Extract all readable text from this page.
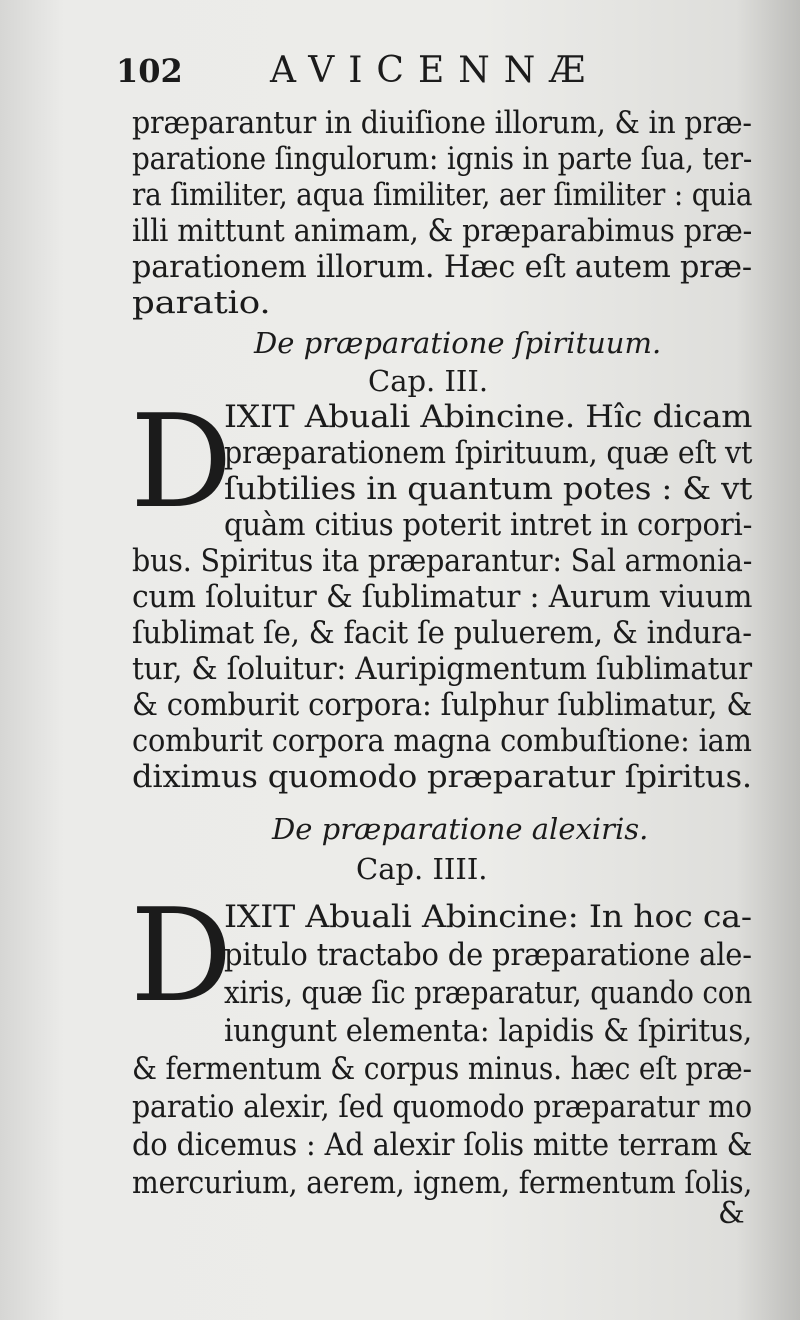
102 AVICENNÆ
præparantur in diuiſione illorum, & in præ-
paratione ſingulorum: ignis in parte ſua, ter-
ra ſimiliter, aqua ſimiliter, aer ſimiliter : quia
illi mittunt animam, & præparabimus præ-
parationem illorum. Hæc eſt autem præ-
paratio.
De præparatione ſpirituum.
Cap. III.
D
IXIT Abuali Abincine. Hîc dicam
præparationem ſpirituum, quæ eſt vt
ſubtilies in quantum potes : & vt
quàm citius poterit intret in corpori-
bus. Spiritus ita præparantur: Sal armonia-
cum ſoluitur & ſublimatur : Aurum viuum
ſublimat ſe, & facit ſe puluerem, & indura-
tur, & ſoluitur: Auripigmentum ſublimatur
& comburit corpora: ſulphur ſublimatur, &
comburit corpora magna combuſtione: iam
diximus quomodo præparatur ſpiritus.
De præparatione alexiris.
Cap. IIII.
D
IXIT Abuali Abincine: In hoc ca-
pitulo tractabo de præparatione ale-
xiris, quæ ſic præparatur, quando con
iungunt elementa: lapidis & ſpiritus,
& fermentum & corpus minus. hæc eſt præ-
paratio alexir, ſed quomodo præparatur mo
do dicemus : Ad alexir ſolis mitte terram &
mercurium, aerem, ignem, fermentum ſolis,
&
